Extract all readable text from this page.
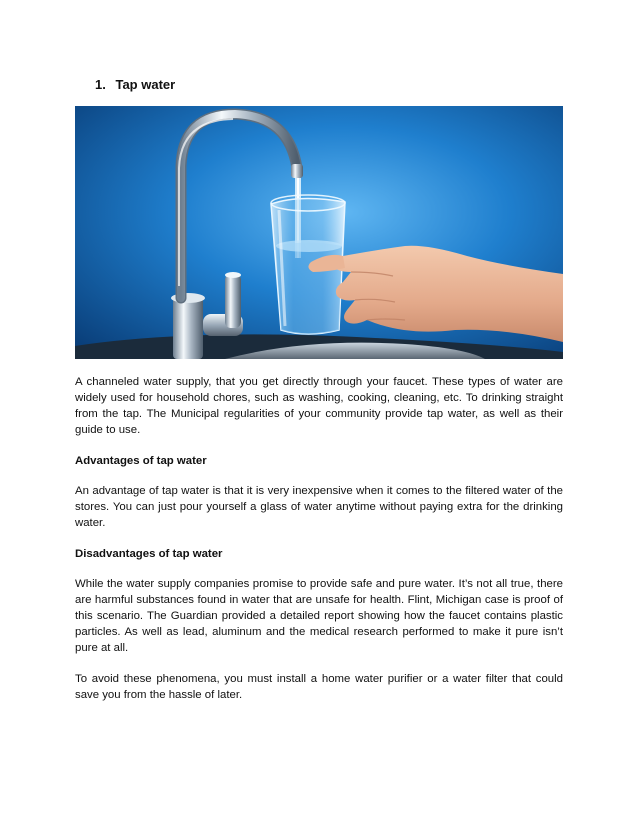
1. Tap water

A channeled water supply, that you get directly through your faucet. These types of water are widely used for household chores, such as washing, cooking, cleaning, etc. To drinking straight from the tap. The Municipal regularities of your community provide tap water, as well as their guide to use.

Advantages of tap water

An advantage of tap water is that it is very inexpensive when it comes to the filtered water of the stores. You can just pour yourself a glass of water anytime without paying extra for the drinking water.

Disadvantages of tap water

While the water supply companies promise to provide safe and pure water. It’s not all true, there are harmful substances found in water that are unsafe for health. Flint, Michigan case is proof of this scenario. The Guardian provided a detailed report showing how the faucet contains plastic particles. As well as lead, aluminum and the medical research performed to make it pure isn’t pure at all.

To avoid these phenomena, you must install a home water purifier or a water filter that could save you from the hassle of later.
